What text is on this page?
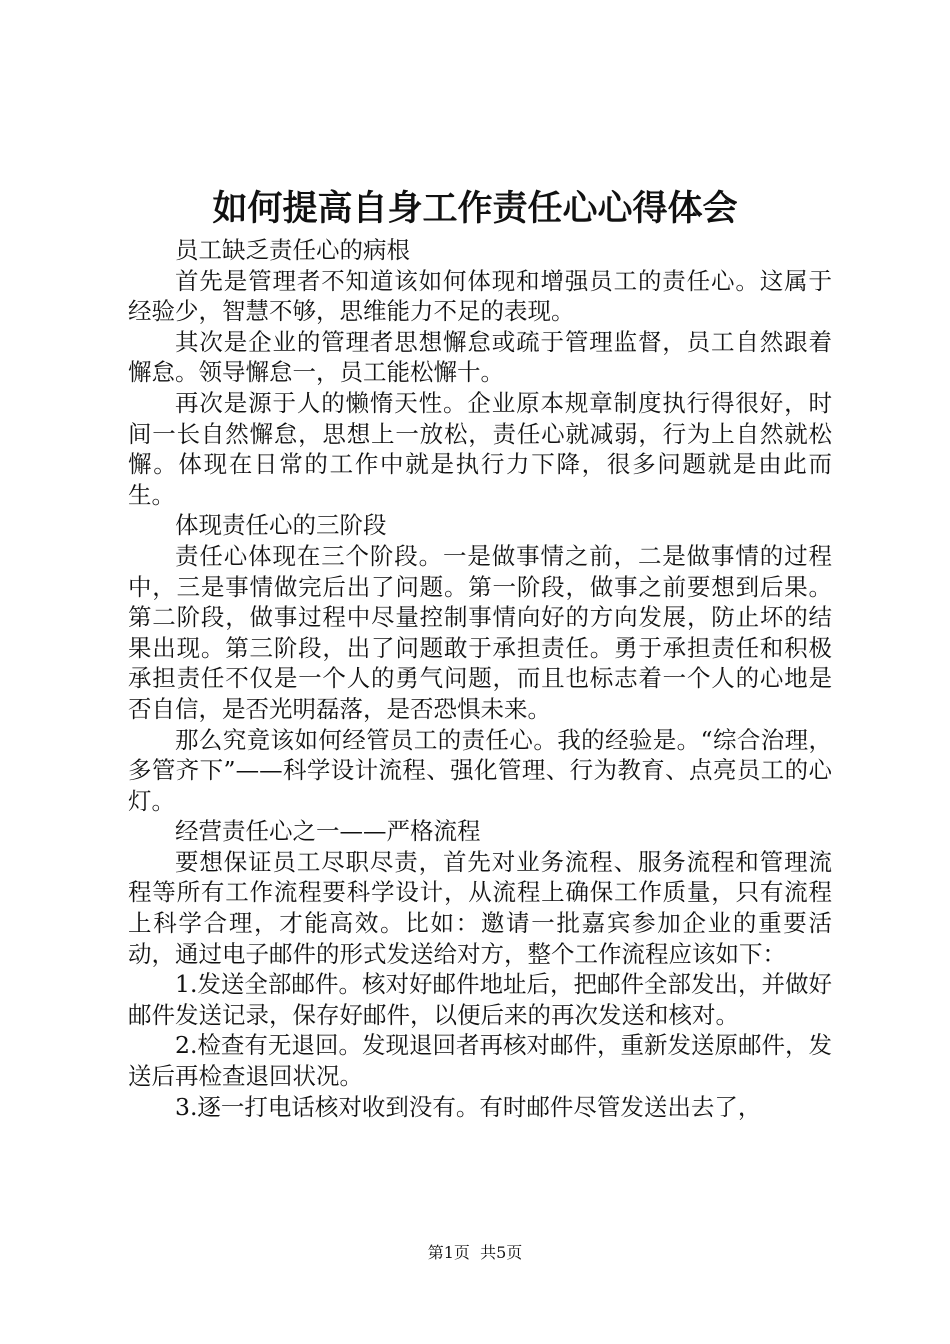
如何提高自身工作责任心心得体会

员工缺乏责任心的病根

首先是管理者不知道该如何体现和增强员工的责任心。这属于经验少，智慧不够，思维能力不足的表现。

其次是企业的管理者思想懈怠或疏于管理监督，员工自然跟着懈怠。领导懈怠一，员工能松懈十。

再次是源于人的懒惰天性。企业原本规章制度执行得很好，时间一长自然懈怠，思想上一放松，责任心就减弱，行为上自然就松懈。体现在日常的工作中就是执行力下降，很多问题就是由此而生。

体现责任心的三阶段

责任心体现在三个阶段。一是做事情之前，二是做事情的过程中，三是事情做完后出了问题。第一阶段，做事之前要想到后果。第二阶段，做事过程中尽量控制事情向好的方向发展，防止坏的结果出现。第三阶段，出了问题敢于承担责任。勇于承担责任和积极承担责任不仅是一个人的勇气问题，而且也标志着一个人的心地是否自信，是否光明磊落，是否恐惧未来。

那么究竟该如何经管员工的责任心。我的经验是。“综合治理，多管齐下”——科学设计流程、强化管理、行为教育、点亮员工的心灯。

经营责任心之一——严格流程

要想保证员工尽职尽责，首先对业务流程、服务流程和管理流程等所有工作流程要科学设计，从流程上确保工作质量，只有流程上科学合理，才能高效。比如：邀请一批嘉宾参加企业的重要活动，通过电子邮件的形式发送给对方，整个工作流程应该如下：

1.发送全部邮件。核对好邮件地址后，把邮件全部发出，并做好邮件发送记录，保存好邮件，以便后来的再次发送和核对。

2.检查有无退回。发现退回者再核对邮件，重新发送原邮件，发送后再检查退回状况。

3.逐一打电话核对收到没有。有时邮件尽管发送出去了，

第1页  共5页
